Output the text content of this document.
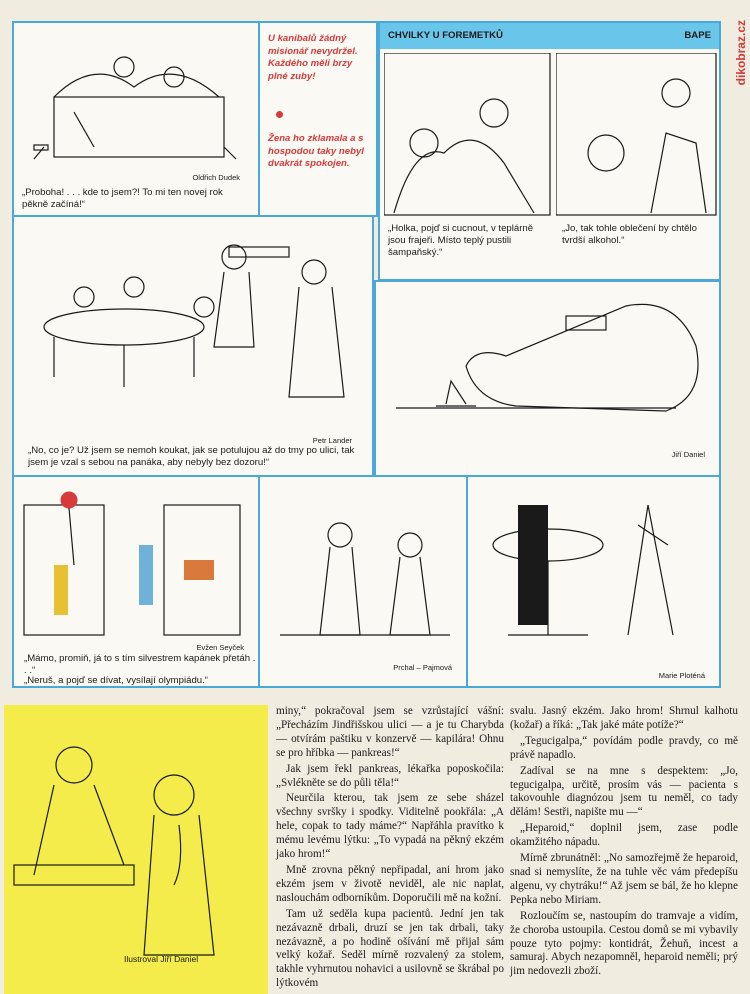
dikobraz.cz
Oldřich Dudek
„Proboha! . . . kde to jsem?! To mi ten novej rok pěkně začíná!“
U kanibalů žádný misionář nevydržel. Každého měli brzy plné zuby!
Žena ho zklamala a s hospodou taky nebyl dvakrát spokojen.
CHVILKY U FOREMETKŮ	BAPE
„Holka, pojď si cucnout, v teplárně jsou frajeři. Místo teplý pustili šampaňský.“
„Jo, tak tohle oblečení by chtělo tvrdší alkohol.“
Petr Lander
„No, co je? Už jsem se nemoh koukat, jak se potulujou až do tmy po ulici, tak jsem je vzal s sebou na panáka, aby nebyly bez dozoru!“
Jiří Daniel
Evžen Seyček
„Mámo, promiň, já to s tím silvestrem kapánek přetáh . . .“
„Neruš, a pojď se dívat, vysílají olympiádu.“
Prchal – Pajmová
Marie Ploténá
Ilustroval Jiří Daniel

miny,“ pokračoval jsem se vzrůstající vášní: „Přecházím Jindřišskou ulici — a je tu Charybda — otvírám paštiku v konzervě — kapilára! Ohnu se pro hříbka — pankreas!“

Jak jsem řekl pankreas, lékařka poposkočila: „Svlékněte se do půli těla!“

Neurčila kterou, tak jsem ze sebe sházel všechny svršky i spodky. Viditelně pookřála: „A hele, copak to tady máme?“ Napřáhla pravítko k mému levému lýtku: „To vypadá na pěkný ekzém jako hrom!“

Mně zrovna pěkný nepřipadal, ani hrom jako ekzém jsem v životě neviděl, ale nic naplat, naslouchám odborníkům. Doporučili mě na kožní.

Tam už seděla kupa pacientů. Jední jen tak nezávazně drbali, druzí se jen tak drbali, taky nezávazně, a po hodině ošívání mě přijal sám velký kožař. Seděl mírně rozvalený za stolem, takhle vyhrnutou nohavici a usilovně se škrábal po lýtkovém

svalu. Jasný ekzém. Jako hrom! Shrnul kalhotu (kožař) a říká: „Tak jaké máte potíže?“

„Tegucigalpa,“ povídám podle pravdy, co mě právě napadlo.

Zadíval se na mne s despektem: „Jo, tegucigalpa, určitě, prosím vás — pacienta s takovouhle diagnózou jsem tu neměl, co tady dělám! Sestři, napište mu —“

„Heparoid,“ doplnil jsem, zase podle okamžitého nápadu.

Mírně zbrunátněl: „No samozřejmě že heparoid, snad si nemyslíte, že na tuhle věc vám předepíšu algenu, vy chytráku!“ Až jsem se bál, že ho klepne Pepka nebo Miriam.

Rozloučím se, nastoupím do tramvaje a vidím, že choroba ustoupila. Cestou domů se mi vybavily pouze tyto pojmy: kontidrát, Žehuň, incest a samuraj. Abych nezapomněl, heparoid neměli; prý jim nedovezli zboží.
